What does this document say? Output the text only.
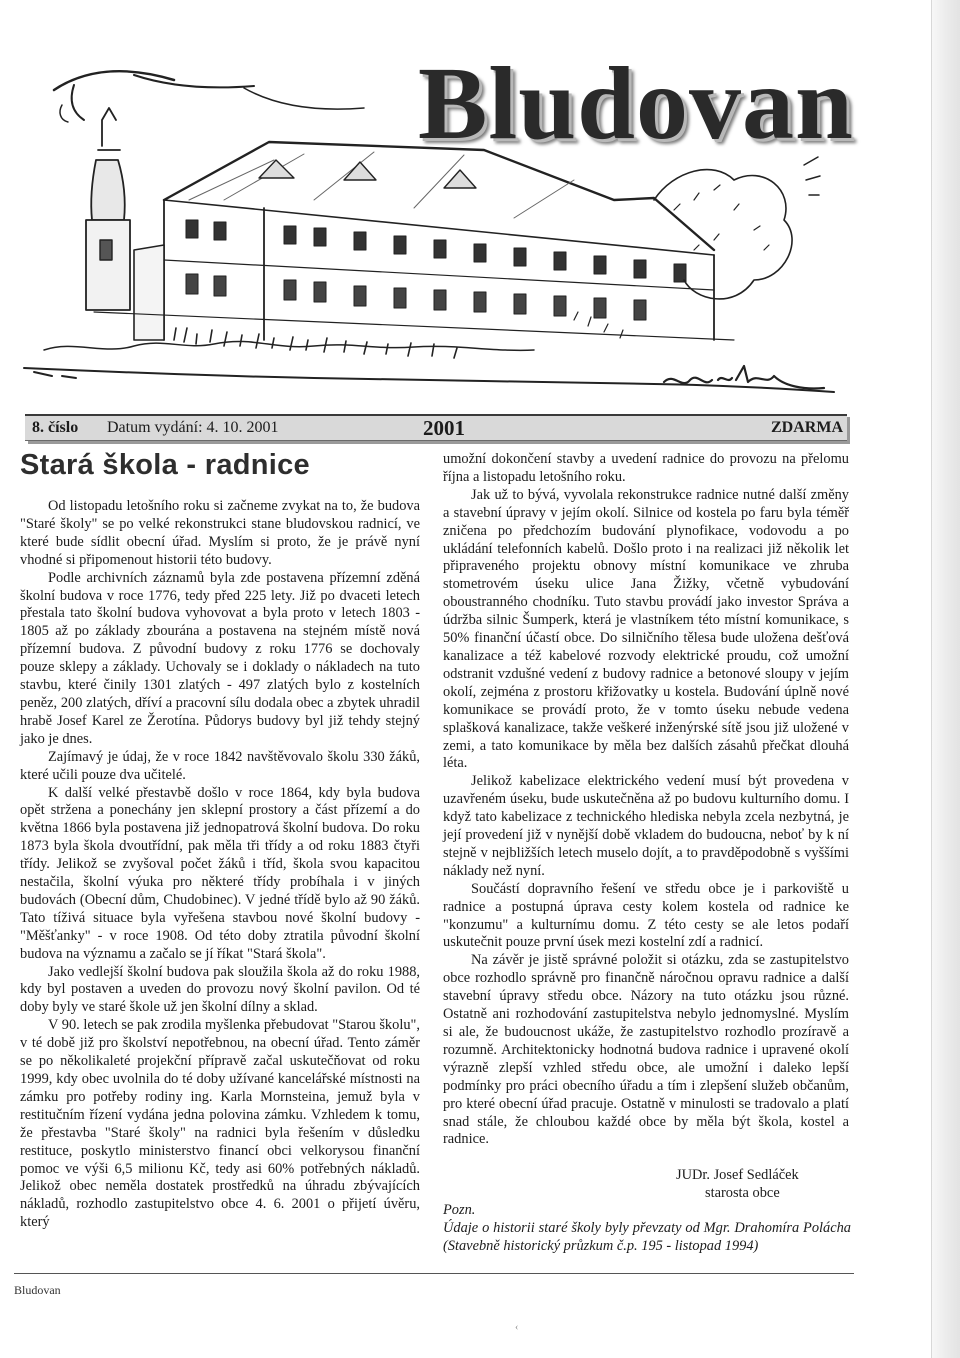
Bludovan
8. číslo Datum vydání: 4. 10. 2001	2001	ZDARMA
Stará škola - radnice

Od listopadu letošního roku si začneme zvykat na to, že budova "Staré školy" se po velké rekonstrukci stane bludovskou radnicí, ve které bude sídlit obecní úřad. Myslím si proto, že je právě nyní vhodné si připomenout historii této budovy.

Podle archivních záznamů byla zde postavena přízemní zděná školní budova v roce 1776, tedy před 225 lety. Již po dvaceti letech přestala tato školní budova vyhovovat a byla proto v letech 1803 - 1805 až po základy zbourána a postavena na stejném místě nová přízemní budova. Z původní budovy z roku 1776 se dochovaly pouze sklepy a základy. Uchovaly se i doklady o nákladech na tuto stavbu, které činily 1301 zlatých - 497 zlatých bylo z kostelních peněz, 200 zlatých, dříví a pracovní sílu dodala obec a zbytek uhradil hrabě Josef Karel ze Žerotína. Půdorys budovy byl již tehdy stejný jako je dnes.

Zajímavý je údaj, že v roce 1842 navštěvovalo školu 330 žáků, které učili pouze dva učitelé.

K další velké přestavbě došlo v roce 1864, kdy byla budova opět stržena a ponechány jen sklepní prostory a část přízemí a do května 1866 byla postavena již jednopatrová školní budova. Do roku 1873 byla škola dvoutřídní, pak měla tři třídy a od roku 1883 čtyři třídy. Jelikož se zvyšoval počet žáků i tříd, škola svou kapacitou nestačila, školní výuka pro některé třídy probíhala i v jiných budovách (Obecní dům, Chudobinec). V jedné třídě bylo až 90 žáků. Tato tíživá situace byla vyřešena stavbou nové školní budovy - "Měšťanky" - v roce 1908. Od této doby ztratila původní školní budova na významu a začalo se jí říkat "Stará škola".

Jako vedlejší školní budova pak sloužila škola až do roku 1988, kdy byl postaven a uveden do provozu nový školní pavilon. Od té doby byly ve staré škole už jen školní dílny a sklad.

V 90. letech se pak zrodila myšlenka přebudovat "Starou školu", v té době již pro školství nepotřebnou, na obecní úřad. Tento záměr se po několikaleté projekční přípravě začal uskutečňovat od roku 1999, kdy obec uvolnila do té doby užívané kancelářské místnosti na zámku pro potřeby rodiny ing. Karla Mornsteina, jemuž byla v restitučním řízení vydána jedna polovina zámku. Vzhledem k tomu, že přestavba "Staré školy" na radnici byla řešením v důsledku restituce, poskytlo ministerstvo financí obci velkorysou finanční pomoc ve výši 6,5 milionu Kč, tedy asi 60% potřebných nákladů. Jelikož obec neměla dostatek prostředků na úhradu zbývajících nákladů, rozhodlo zastupitelstvo obce 4. 6. 2001 o přijetí úvěru, který

umožní dokončení stavby a uvedení radnice do provozu na přelomu října a listopadu letošního roku.

Jak už to bývá, vyvolala rekonstrukce radnice nutné další změny a stavební úpravy v jejím okolí. Silnice od kostela po faru byla téměř zničena po předchozím budování plynofikace, vodovodu a po ukládání telefonních kabelů. Došlo proto i na realizaci již několik let připraveného projektu obnovy místní komunikace ve zhruba stometrovém úseku ulice Jana Žižky, včetně vybudování oboustranného chodníku. Tuto stavbu provádí jako investor Správa a údržba silnic Šumperk, která je vlastníkem této místní komunikace, s 50% finanční účastí obce. Do silničního tělesa bude uložena dešťová kanalizace a též kabelové rozvody elektrické proudu, což umožní odstranit vzdušné vedení z budovy radnice a betonové sloupy v jejím okolí, zejména z prostoru křižovatky u kostela. Budování úplně nové komunikace se provádí proto, že v tomto úseku nebude vedena splašková kanalizace, takže veškeré inženýrské sítě jsou již uložené v zemi, a tato komunikace by měla bez dalších zásahů přečkat dlouhá léta.

Jelikož kabelizace elektrického vedení musí být provedena v uzavřeném úseku, bude uskutečněna až po budovu kulturního domu. I když tato kabelizace z technického hlediska nebyla zcela nezbytná, je její provedení již v nynější době vkladem do budoucna, neboť by k ní stejně v nejbližších letech muselo dojít, a to pravděpodobně s vyššími náklady než nyní.

Součástí dopravního řešení ve středu obce je i parkoviště u radnice a postupná úprava cesty kolem kostela od radnice ke "konzumu" a kulturnímu domu. Z této cesty se ale letos podaří uskutečnit pouze první úsek mezi kostelní zdí a radnicí.

Na závěr je jistě správné položit si otázku, zda se zastupitelstvo obce rozhodlo správně pro finančně náročnou opravu radnice a další stavební úpravy středu obce. Názory na tuto otázku jsou různé. Ostatně ani rozhodování zastupitelstva nebylo jednomyslné. Myslím si ale, že budoucnost ukáže, že zastupitelstvo rozhodlo prozíravě a rozumně. Architektonicky hodnotná budova radnice i upravené okolí výrazně zlepší vzhled středu obce, ale umožní i daleko lepší podmínky pro práci obecního úřadu a tím i zlepšení služeb občanům, pro které obecní úřad pracuje. Ostatně v minulosti se tradovalo a platí snad stále, že chloubou každé obce by měla být škola, kostel a radnice.

JUDr. Josef Sedláček
starosta obce
Pozn.
Údaje o historii staré školy byly převzaty od Mgr. Drahomíra Polácha (Stavebně historický průzkum č.p. 195 - listopad 1994)
Bludovan
‹
